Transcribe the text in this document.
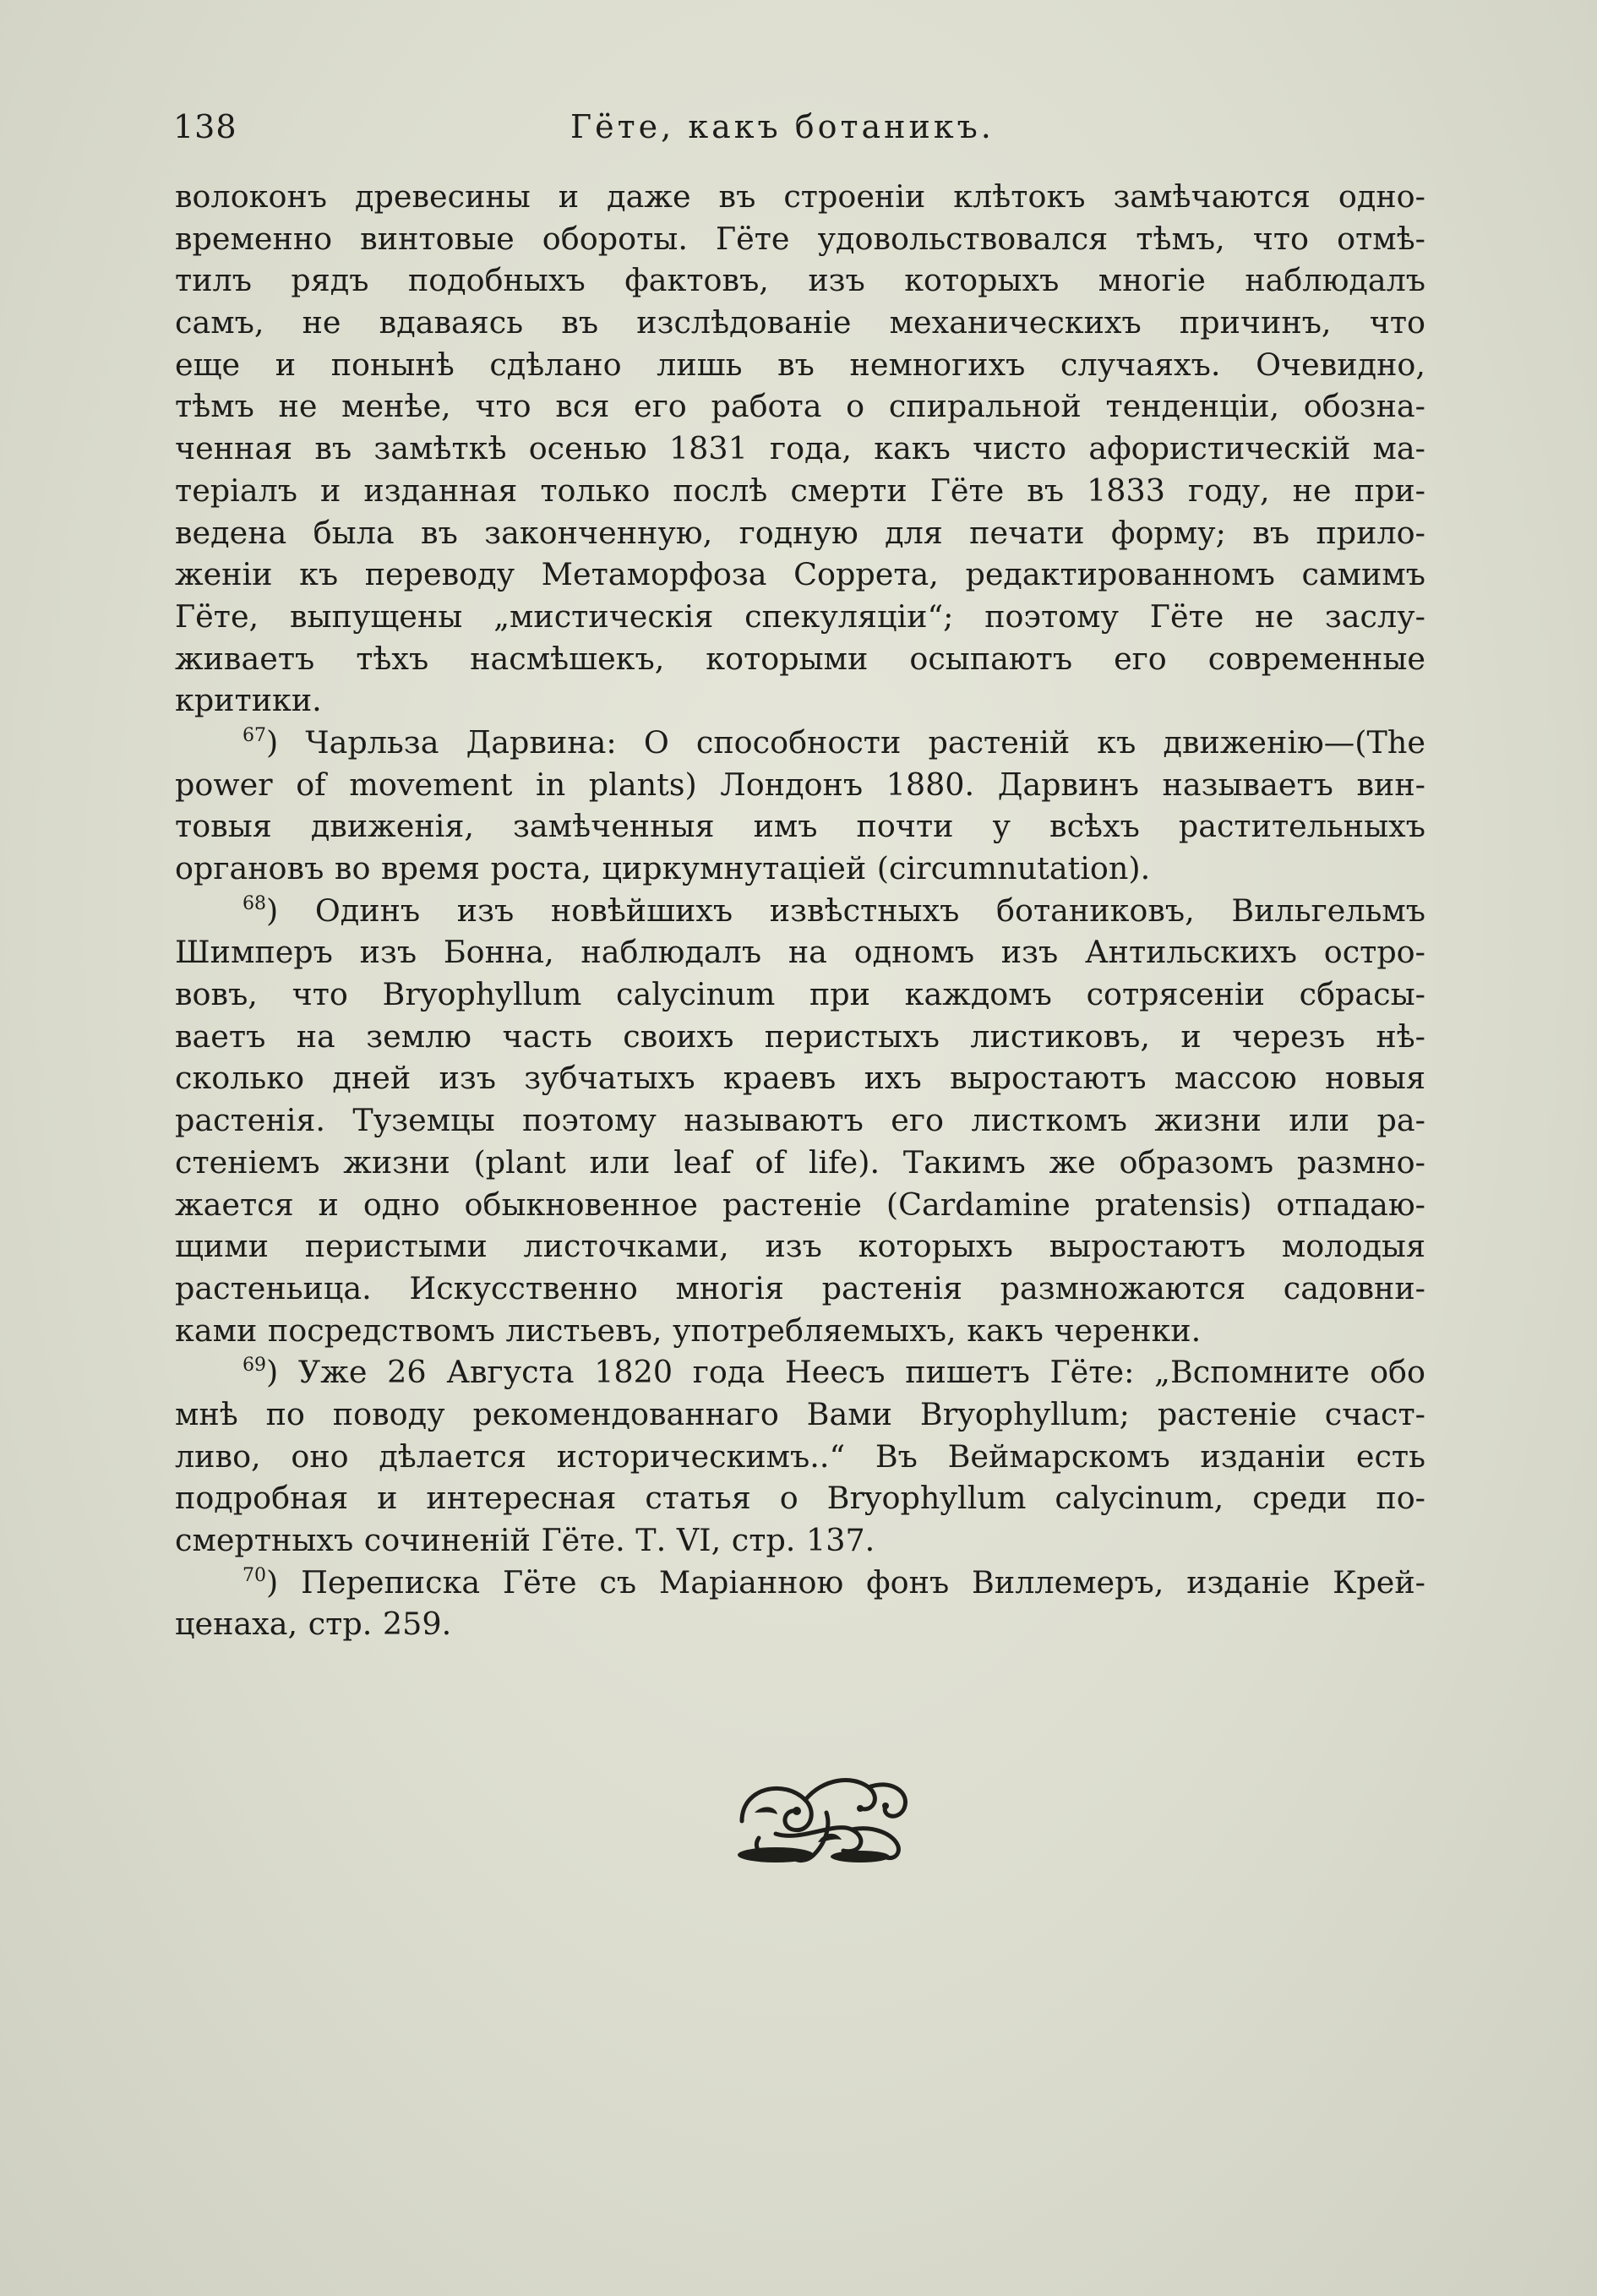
138	Гёте, какъ ботаникъ.
волоконъ древесины и даже въ строеніи клѣтокъ замѣчаются одно-
временно винтовые обороты. Гёте удовольствовался тѣмъ, что отмѣ-
тилъ рядъ подобныхъ фактовъ, изъ которыхъ многіе наблюдалъ
самъ, не вдаваясь въ изслѣдованіе механическихъ причинъ, что
еще и понынѣ сдѣлано лишь въ немногихъ случаяхъ. Очевидно,
тѣмъ не менѣе, что вся его работа о спиральной тенденціи, обозна-
ченная въ замѣткѣ осенью 1831 года, какъ чисто афористическій ма-
теріалъ и изданная только послѣ смерти Гёте въ 1833 году, не при-
ведена была въ законченную, годную для печати форму; въ прило-
женіи къ переводу Метаморфоза Соррета, редактированномъ самимъ
Гёте, выпущены „мистическія спекуляціи“; поэтому Гёте не заслу-
живаетъ тѣхъ насмѣшекъ, которыми осыпаютъ его современные
критики.
$^{67}$) Чарльза Дарвина: О способности растеній къ движенію—(The
power of movement in plants) Лондонъ 1880. Дарвинъ называетъ вин-
товыя движенія, замѣченныя имъ почти у всѣхъ растительныхъ
органовъ во время роста, циркумнутаціей (circumnutation).
$^{68}$) Одинъ изъ новѣйшихъ извѣстныхъ ботаниковъ, Вильгельмъ
Шимперъ изъ Бонна, наблюдалъ на одномъ изъ Антильскихъ остро-
вовъ, что Bryophyllum calycinum при каждомъ сотрясеніи сбрасы-
ваетъ на землю часть своихъ перистыхъ листиковъ, и черезъ нѣ-
сколько дней изъ зубчатыхъ краевъ ихъ выростаютъ массою новыя
растенія. Туземцы поэтому называютъ его листкомъ жизни или ра-
стеніемъ жизни (plant или leaf of life). Такимъ же образомъ размно-
жается и одно обыкновенное растеніе (Cardamine pratensis) отпадаю-
щими перистыми листочками, изъ которыхъ выростаютъ молодыя
растеньица. Искусственно многія растенія размножаются садовни-
ками посредствомъ листьевъ, употребляемыхъ, какъ черенки.
$^{69}$) Уже 26 Августа 1820 года Неесъ пишетъ Гёте: „Вспомните обо
мнѣ по поводу рекомендованнаго Вами Bryophyllum; растеніе счаст-
ливо, оно дѣлается историческимъ..“ Въ Веймарскомъ изданіи есть
подробная и интересная статья о Bryophyllum calycinum, среди по-
смертныхъ сочиненій Гёте. Т. VI, стр. 137.
$^{70}$) Переписка Гёте съ Маріанною фонъ Виллемеръ, изданіе Крей-
ценаха, стр. 259.
